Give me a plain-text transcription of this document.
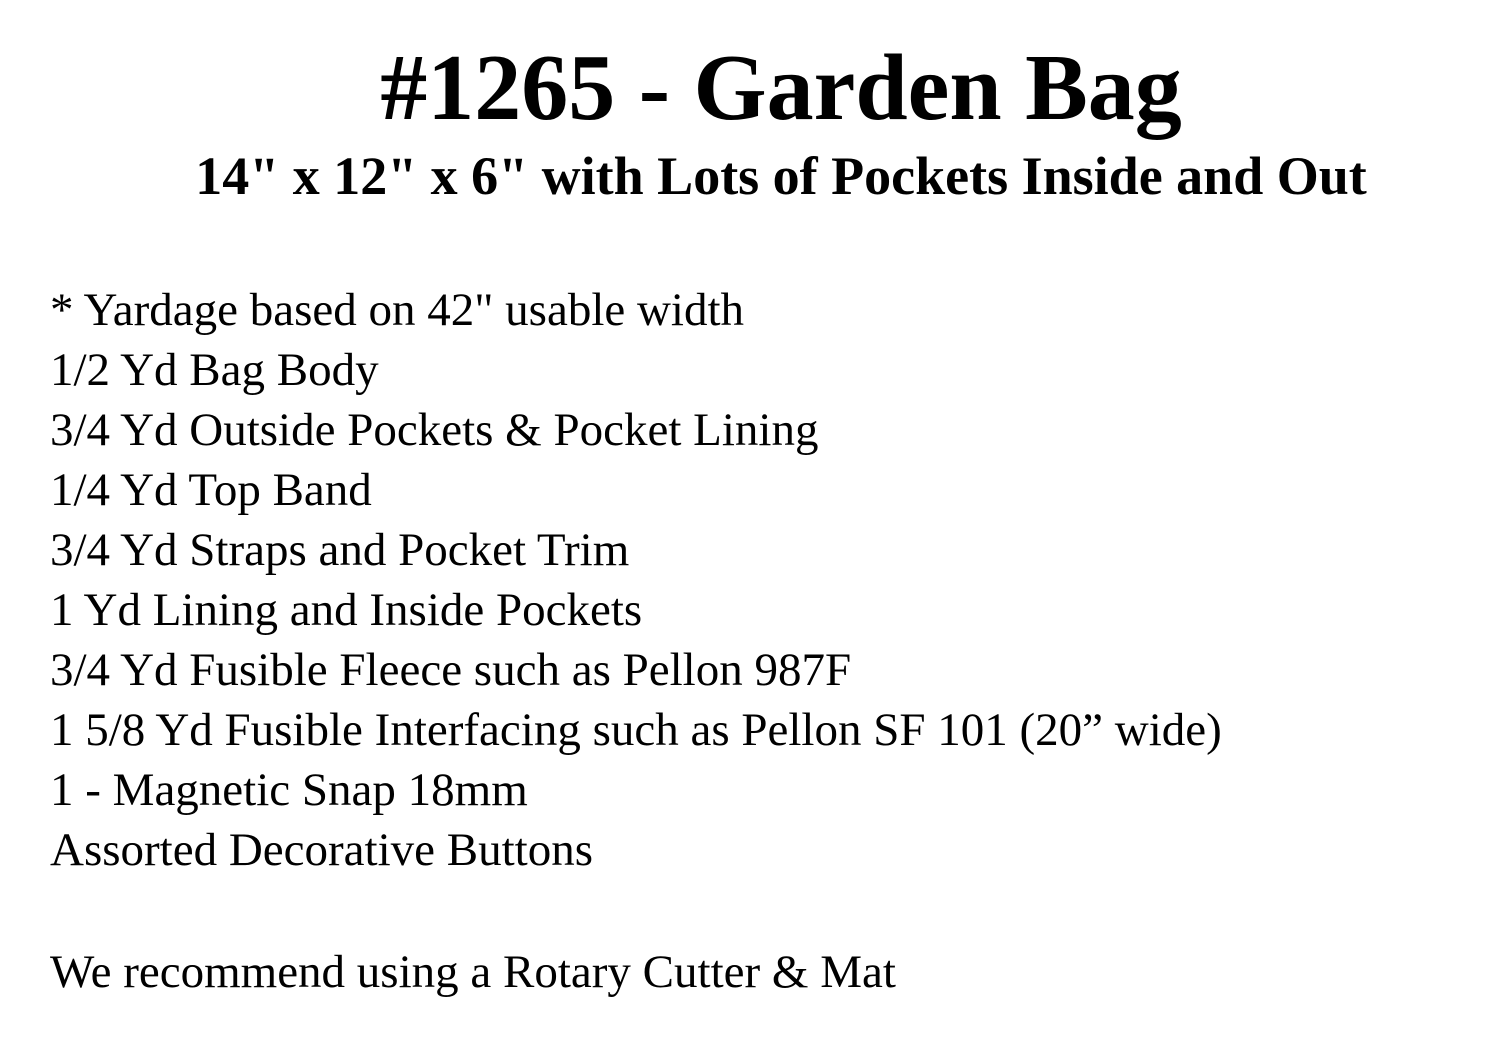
#1265 - Garden Bag
14" x 12" x 6" with Lots of Pockets Inside and Out
* Yardage based on 42" usable width
1/2 Yd Bag Body
3/4 Yd Outside Pockets & Pocket Lining
1/4 Yd Top Band
3/4 Yd Straps and Pocket Trim
1 Yd Lining and Inside Pockets
3/4 Yd Fusible Fleece such as Pellon 987F
1 5/8 Yd Fusible Interfacing such as Pellon SF 101 (20” wide)
1 - Magnetic Snap 18mm
Assorted Decorative Buttons
We recommend using a Rotary Cutter & Mat
